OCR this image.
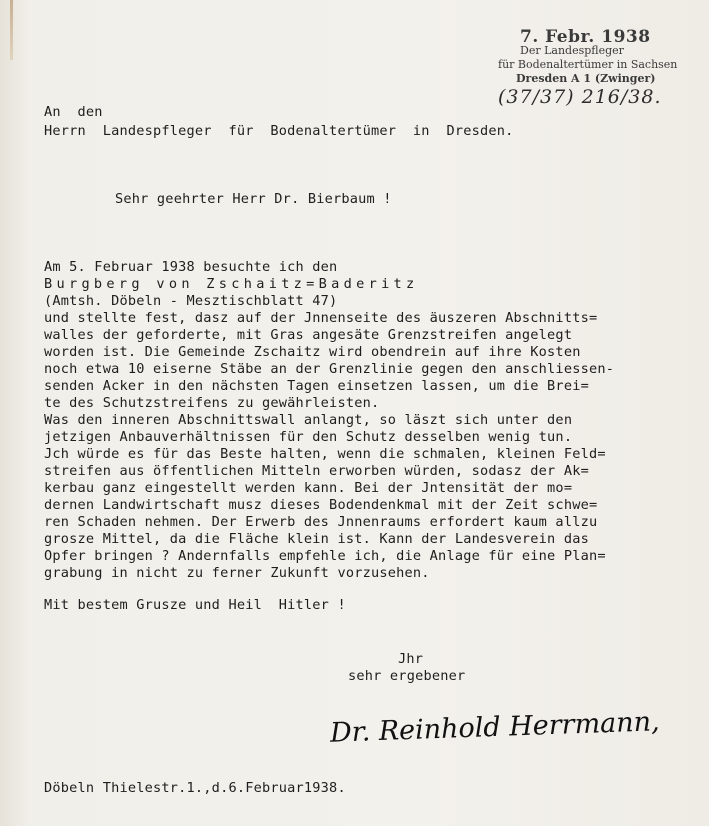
7. Febr. 1938
Der Landespfleger
für Bodenaltertümer in Sachsen
Dresden A 1 (Zwinger)
(37/37) 216/38.
An  den
Herrn  Landespfleger  für  Bodenaltertümer  in  Dresden.
Sehr geehrter Herr Dr. Bierbaum !
Am 5. Februar 1938 besuchte ich den
Burgberg von Zschaitz=Baderitz
(Amtsh. Döbeln - Mesztischblatt 47)
und stellte fest, dasz auf der Jnnenseite des äuszeren Abschnitts=
walles der geforderte, mit Gras angesäte Grenzstreifen angelegt
worden ist. Die Gemeinde Zschaitz wird obendrein auf ihre Kosten
noch etwa 10 eiserne Stäbe an der Grenzlinie gegen den anschliessen-
senden Acker in den nächsten Tagen einsetzen lassen, um die Brei=
te des Schutzstreifens zu gewährleisten.
Was den inneren Abschnittswall anlangt, so läszt sich unter den
jetzigen Anbauverhältnissen für den Schutz desselben wenig tun.
Jch würde es für das Beste halten, wenn die schmalen, kleinen Feld=
streifen aus öffentlichen Mitteln erworben würden, sodasz der Ak=
kerbau ganz eingestellt werden kann. Bei der Jntensität der mo=
dernen Landwirtschaft musz dieses Bodendenkmal mit der Zeit schwe=
ren Schaden nehmen. Der Erwerb des Jnnenraums erfordert kaum allzu
grosze Mittel, da die Fläche klein ist. Kann der Landesverein das
Opfer bringen ? Andernfalls empfehle ich, die Anlage für eine Plan=
grabung in nicht zu ferner Zukunft vorzusehen.
Mit bestem Grusze und Heil  Hitler !
Jhr
sehr ergebener
Dr. Reinhold Herrmann,
Döbeln Thielestr.1.,d.6.Februar1938.
